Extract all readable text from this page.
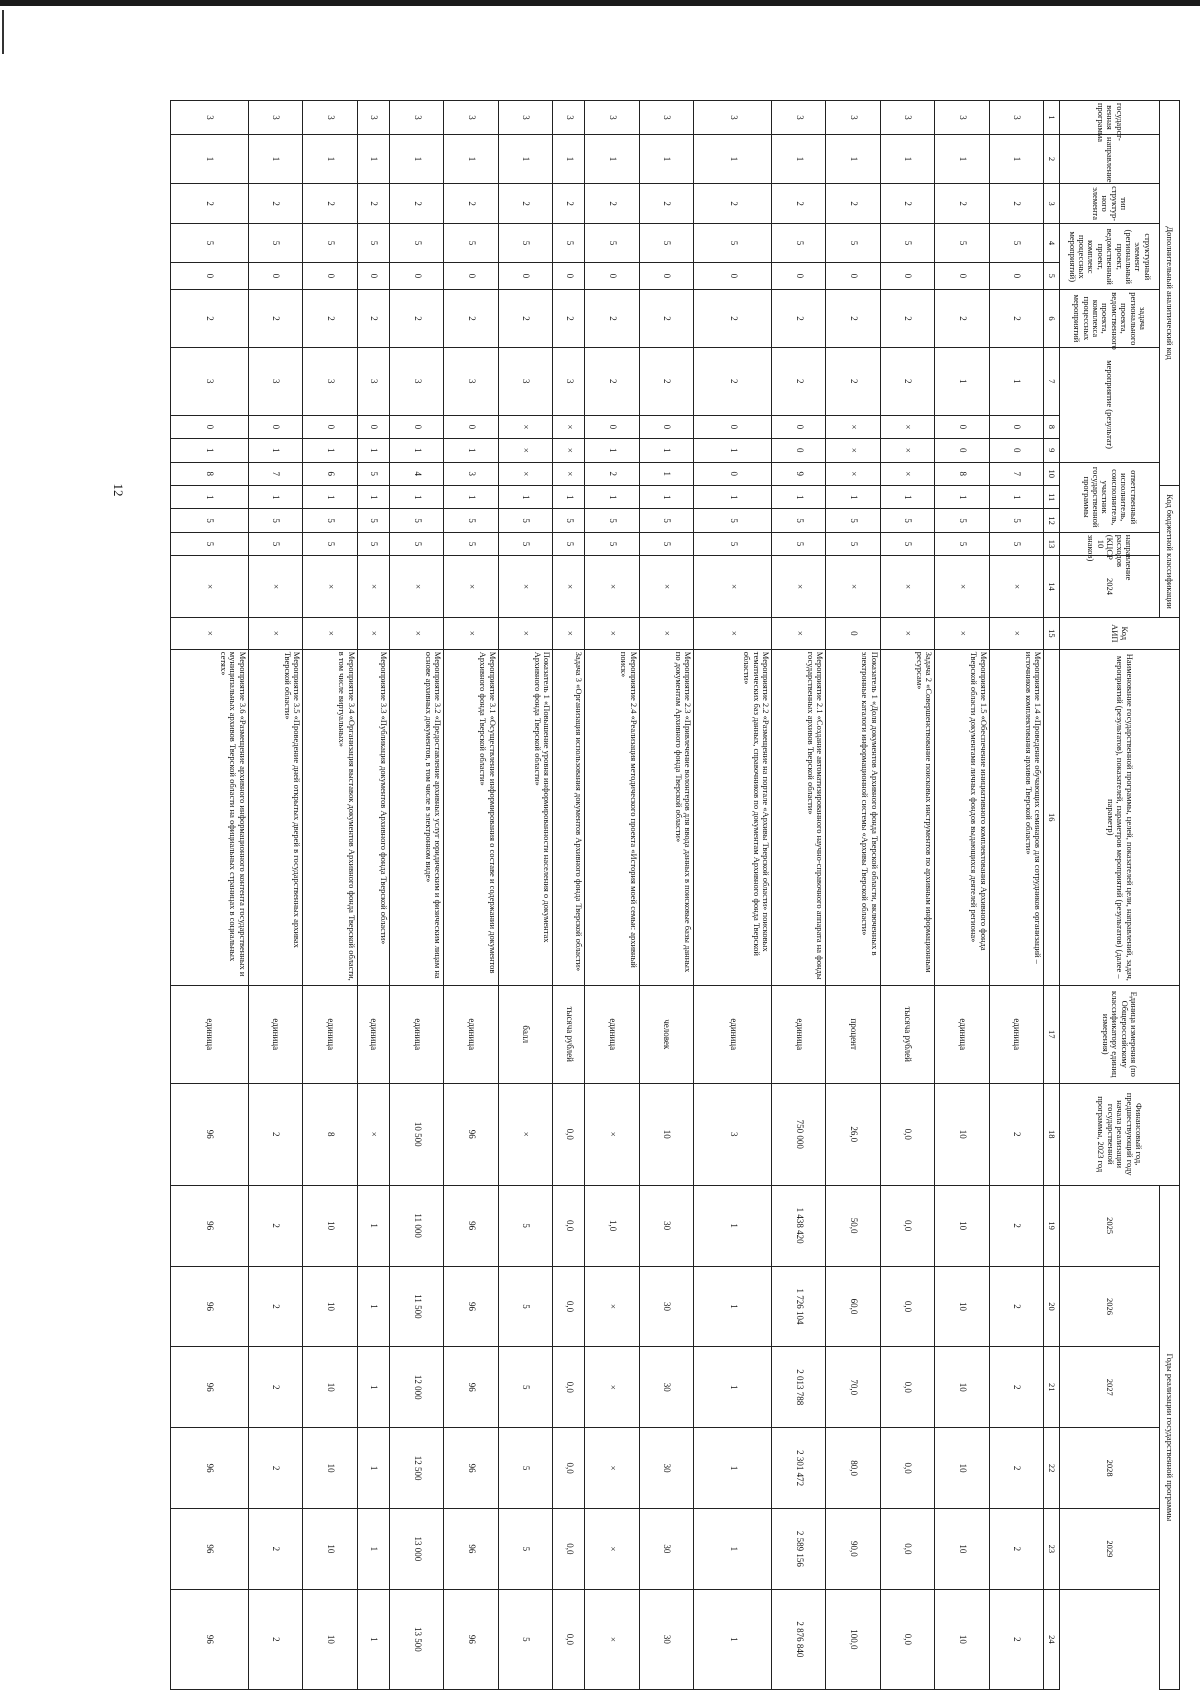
12
Дополнительный аналитический код										Код бюджетной классификации				Код АИП	Наименование государственной программы, целей, показателей цели, направлений, задач, мероприятий (результатов), показателей, параметров мероприятий (результатов) (далее – параметр)	Единица измерения (по Общероссийскому классификатору единиц измерения)	Финансовый год, предшествующий году начала реализации государственной программы, 2023 год	Годы реализации государственной программы					
государст-венная программа	направление	тип структур-ного элемента	структурный элемент (региональный проект, ведомственный проект, комплекс процессных мероприятий)		задача регионального проекта, ведомственного проекта, комплекса процессных мероприятий	мероприятие (результат)			ответственный исполнитель, соисполнитель, участник государственной программы			направление расходов (КЦСР 10 знаков)	2024					2025	2026	2027	2028	2029	

1	2	3	4	5	6	7	8	9	10	11	12	13	14	15	16	17	18	19	20	21	22	23	24
3	1	2	5	0	2	1	0	0	7	1	5	5	×	×	Мероприятие 1.4 «Проведение обучающих семинаров для сотрудников организаций – источников комплектования архивов Тверской области»	единица	2	2	2	2	2	2	2
3	1	2	5	0	2	1	0	0	8	1	5	5	×	×	Мероприятие 1.5 «Обеспечение инициативного комплектования Архивного фонда Тверской области документами личных фондов выдающихся деятелей региона»	единица	10	10	10	10	10	10	10
3	1	2	5	0	2	2	×	×	×	1	5	5	×	×	Задача 2 «Совершенствование поисковых инструментов по архивным информационным ресурсам»	тысяча рублей	0,0	0,0	0,0	0,0	0,0	0,0	0,0
3	1	2	5	0	2	2	×	×	×	1	5	5	×	0	Показатель 1 «Доля документов Архивного фонда Тверской области, включенных в электронные каталоги информационной системы «Архивы Тверской области»	процент	26,0	50,0	60,0	70,0	80,0	90,0	100,0
3	1	2	5	0	2	2	0	0	9	1	5	5	×	×	Мероприятие 2.1 «Создание автоматизированного научно-справочного аппарата на фонды государственных архивов Тверской области»	единица	750 000	1 438 420	1 726 104	2 013 788	2 301 472	2 589 156	2 876 840
3	1	2	5	0	2	2	0	1	0	1	5	5	×	×	Мероприятие 2.2 «Размещение на портале «Архивы Тверской области» поисковых тематических баз данных, справочников по документам Архивного фонда Тверской области»	единица	3	1	1	1	1	1	1
3	1	2	5	0	2	2	0	1	1	1	5	5	×	×	Мероприятие 2.3 «Привлечение волонтеров для ввода данных в поисковые базы данных по документам Архивного фонда Тверской области»	человек	10	30	30	30	30	30	30
3	1	2	5	0	2	2	0	1	2	1	5	5	×	×	Мероприятие 2.4 «Реализация методического проекта «История моей семьи: архивный поиск»	единица	×	1,0	×	×	×	×	×
3	1	2	5	0	2	3	×	×	×	1	5	5	×	×	Задача 3 «Организация использования документов Архивного фонда Тверской области»	тысяча рублей	0,0	0,0	0,0	0,0	0,0	0,0	0,0
3	1	2	5	0	2	3	×	×	×	1	5	5	×	×	Показатель 1 «Повышение уровня информированности населения о документах Архивного фонда Тверской области»	балл	×	5	5	5	5	5	5
3	1	2	5	0	2	3	0	1	3	1	5	5	×	×	Мероприятие 3.1 «Осуществление информирования о составе и содержании документов Архивного фонда Тверской области»	единица	96	96	96	96	96	96	96
3	1	2	5	0	2	3	0	1	4	1	5	5	×	×	Мероприятие 3.2 «Предоставление архивных услуг юридическим и физическим лицам на основе архивных документов, в том числе в электронном виде»	единица	10 500	11 000	11 500	12 000	12 500	13 000	13 500
3	1	2	5	0	2	3	0	1	5	1	5	5	×	×	Мероприятие 3.3 «Публикация документов Архивного фонда Тверской области»	единица	×	1	1	1	1	1	1
3	1	2	5	0	2	3	0	1	6	1	5	5	×	×	Мероприятие 3.4 «Организация выставок документов Архивного фонда Тверской области, в том числе виртуальных»	единица	8	10	10	10	10	10	10
3	1	2	5	0	2	3	0	1	7	1	5	5	×	×	Мероприятие 3.5 «Проведение дней открытых дверей в государственных архивах Тверской области»	единица	2	2	2	2	2	2	2
3	1	2	5	0	2	3	0	1	8	1	5	5	×	×	Мероприятие 3.6 «Размещение архивного информационного контента государственных и муниципальных архивов Тверской области на официальных страницах в социальных сетях»	единица	96	96	96	96	96	96	96
